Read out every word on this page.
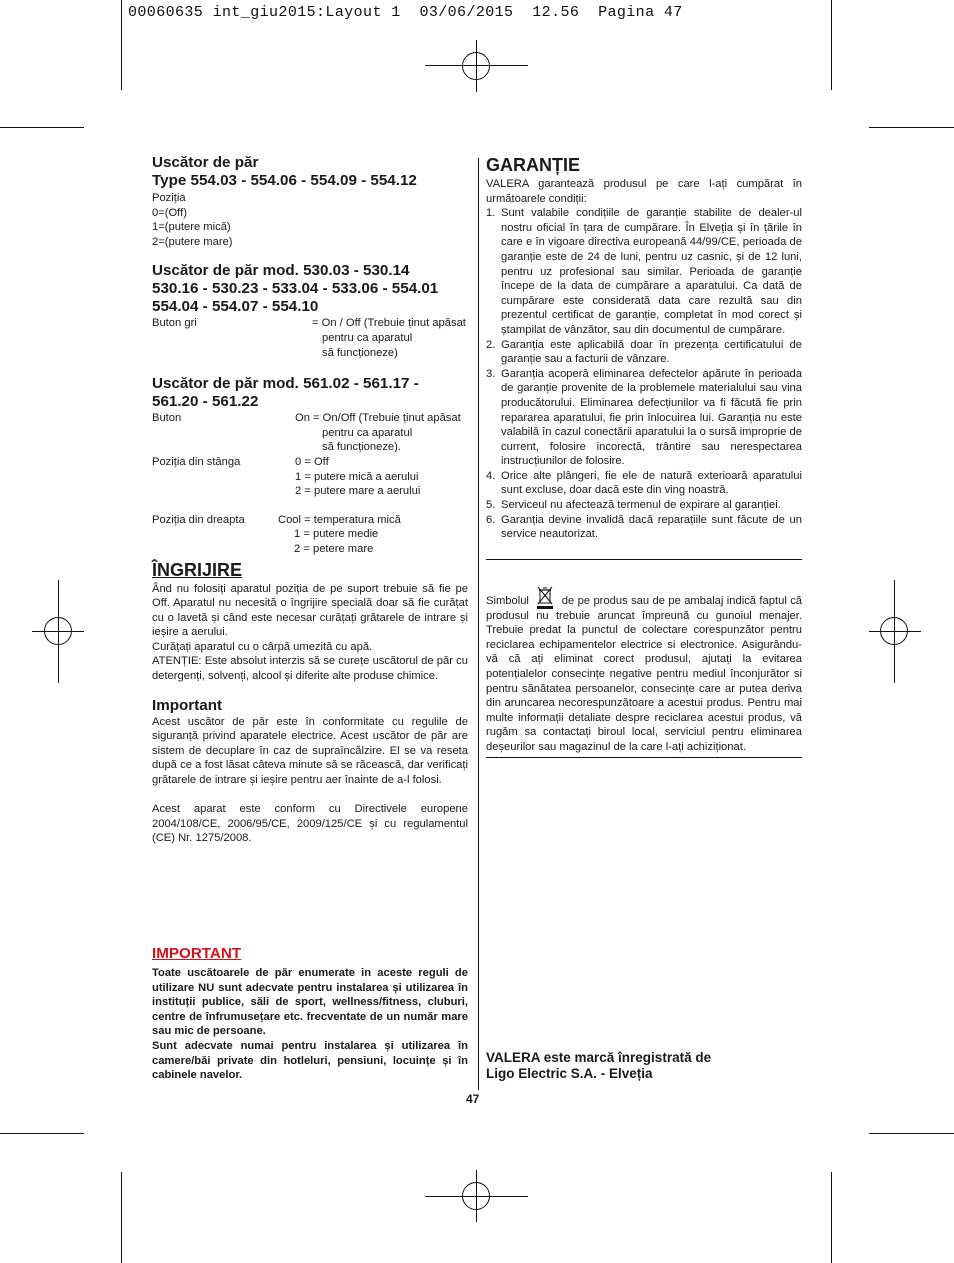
00060635 int_giu2015:Layout 1  03/06/2015  12.56  Pagina 47
Uscător de păr
Type 554.03 - 554.06 - 554.09 - 554.12
Poziția
0=(Off)
1=(putere mică)
2=(putere mare)
Uscător de păr mod. 530.03 - 530.14
530.16 - 530.23 - 533.04 - 533.06 - 554.01
554.04 - 554.07 - 554.10
Buton gri	= On / Off (Trebuie ținut apăsat
pentru ca aparatul
să funcționeze)
Uscător de păr mod. 561.02 - 561.17 -
561.20 - 561.22
Buton	On = On/Off (Trebuie ținut apăsat
pentru ca aparatul
să funcționeze).
Poziția din stânga	0 = Off
1 = putere mică a aerului
2 = putere mare a aerului
Poziția din dreapta	Cool = temperatura mică
1 = putere medie
2 = petere mare
ÎNGRIJIRE

Ând nu folosiți aparatul poziția de pe suport trebuie să fie pe Off. Aparatul nu necesită o îngrijire specială doar să fie curățat cu o lavetă și când este necesar curățați grătarele de intrare și ieșire a aerului.

Curățați aparatul cu o cârpă umezită cu apă.

ATENȚIE: Este absolut interzis să se curețe uscătorul de păr cu detergenți, solvenți, alcool și diferite alte produse chimice.

Important

Acest uscător de păr este în conformitate cu regulile de siguranță privind aparatele electrice. Acest uscător de păr are sistem de decuplare în caz de supraîncălzire. El se va reseta după ce a fost lăsat câteva minute să se răcească, dar verificați grătarele de intrare și ieșire pentru aer înainte de a-l folosi.

Acest aparat este conform cu Directivele europene 2004/108/CE, 2006/95/CE, 2009/125/CE și cu regulamentul (CE) Nr. 1275/2008.

IMPORTANT

Toate uscătoarele de păr enumerate in aceste reguli de utilizare NU sunt adecvate pentru instalarea și utilizarea în instituții publice, săli de sport, wellness/fitness, cluburi, centre de înfrumusețare etc. frecventate de un număr mare sau mic de persoane.

Sunt adecvate numai pentru instalarea și utilizarea în camere/băi private din hotleluri, pensiuni, locuințe și în cabinele navelor.

GARANȚIE

VALERA garantează produsul pe care l-ați cumpărat în următoarele condiții:

1. Sunt valabile condițiile de garanție stabilite de dealer-ul nostru oficial în țara de cumpărare. În Elveția și în țările în care e în vigoare directiva europeană 44/99/CE, perioada de garanție este de 24 de luni, pentru uz casnic, și de 12 luni, pentru uz profesional sau similar. Perioada de garanție începe de la data de cumpărare a aparatului. Ca dată de cumpărare este considerată data care rezultă sau din prezentul certificat de garanție, completat în mod corect și ștampilat de vânzător, sau din documentul de cumpărare.
2. Garanția este aplicabilă doar în prezența certificatului de garanție sau a facturii de vânzare.
3. Garanția acoperă eliminarea defectelor apărute în perioada de garanție provenite de la problemele materialului sau vina producătorului. Eliminarea defecțiunilor va fi făcută fie prin repararea aparatului, fie prin înlocuirea lui. Garanția nu este valabilă în cazul conectării aparatului la o sursă improprie de current, folosire incorectă, trântire sau nerespectarea instrucțiunilor de folosire.
4. Orice alte plângeri, fie ele de natură exterioară aparatului sunt excluse, doar dacă este din ving noastră.
5. Serviceul nu afectează termenul de expirare al garanției.
6. Garanția devine invalidă dacă reparațiile sunt făcute de un service neautorizat.
Simbolul	de pe produs sau de pe ambalaj indică faptul că produsul nu trebuie aruncat împreună cu gunoiul menajer. Trebuie predat la punctul de colectare corespunzător pentru reciclarea echipamentelor electrice si electronice. Asigurându-vă că ați eliminat corect produsul, ajutați la evitarea potențialelor consecințe negative pentru mediul înconjurător si pentru sănătatea persoanelor, consecințe care ar putea deriva din aruncarea necorespunzătoare a acestui produs. Pentru mai multe informații detaliate despre reciclarea acestui produs, vă rugăm sa contactați biroul local, serviciul pentru eliminarea deșeurilor sau magazinul de la care l-ați achiziționat.
VALERA este marcă înregistrată de
Ligo Electric S.A. - Elveția
47
